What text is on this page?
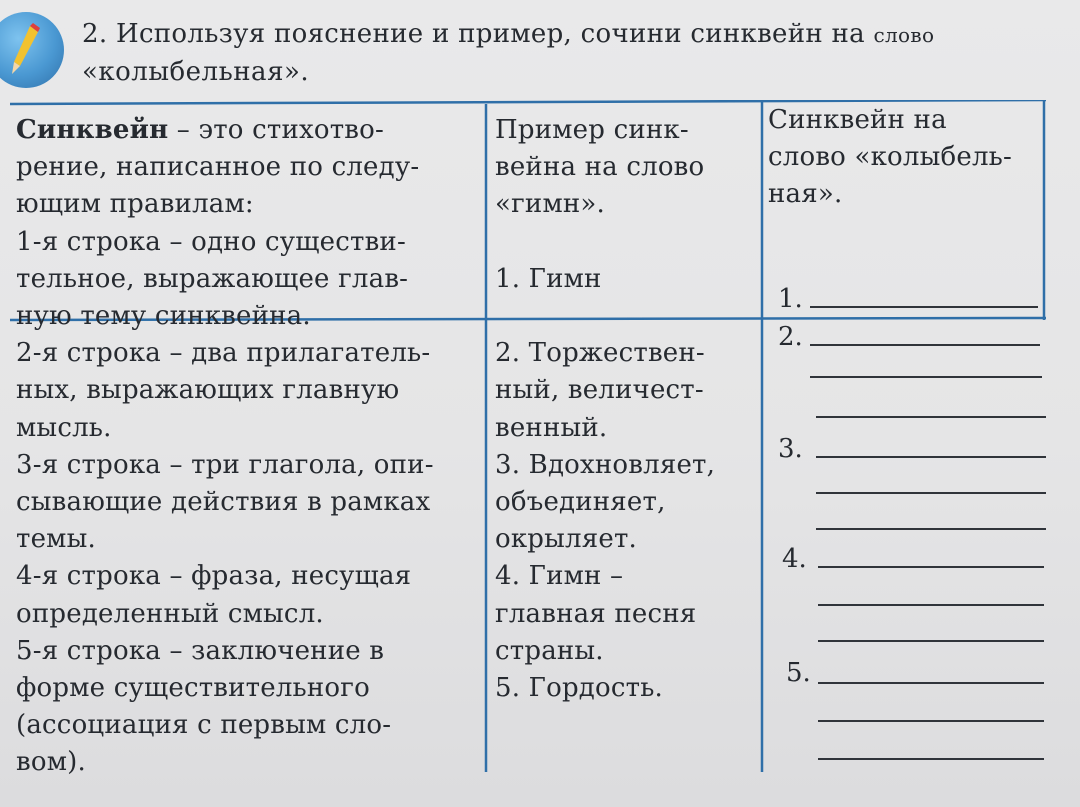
2. Используя пояснение и пример, сочини синквейн на слово
«колыбельная».
Синквейн – это стихотво-
рение, написанное по следу-
ющим правилам:
1-я строка – одно существи-
тельное, выражающее глав-
ную тему синквейна.
2-я строка – два прилагатель-
ных, выражающих главную
мысль.
3-я строка – три глагола, опи-
сывающие действия в рамках
темы.
4-я строка – фраза, несущая
определенный смысл.
5-я строка – заключение в
форме существительного
(ассоциация с первым сло-
вом).
Пример синк-
вейна на слово
«гимн».

1. Гимн

2. Торжествен-
ный, величест-
венный.
3. Вдохновляет,
объединяет,
окрыляет.
4. Гимн –
главная песня
страны.
5. Гордость.
Синквейн на
слово «колыбель-
ная».
1.
2.
3.
4.
5.
